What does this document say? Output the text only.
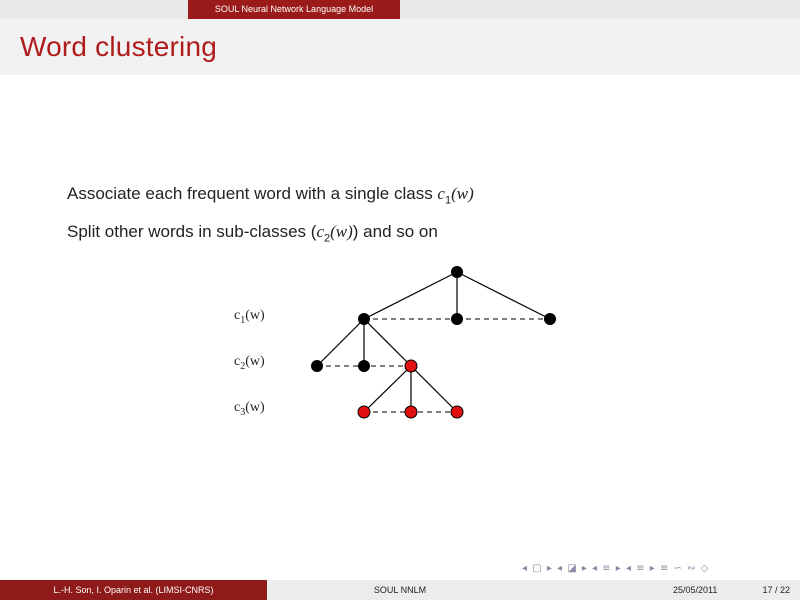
SOUL Neural Network Language Model
Word clustering
Associate each frequent word with a single class $c_1(w)$
Split other words in sub-classes $(c_2(w))$ and so on
$c_1(w)$
$c_2(w)$
$c_3(w)$
◂ ▢ ▸ ◂ ◪ ▸ ◂ ≡ ▸ ◂ ≡ ▸ ≡ ∽ ∾ ◇
L.-H. Son, I. Oparin et al. (LIMSI-CNRS)	SOUL NNLM	25/05/2011	17 / 22
